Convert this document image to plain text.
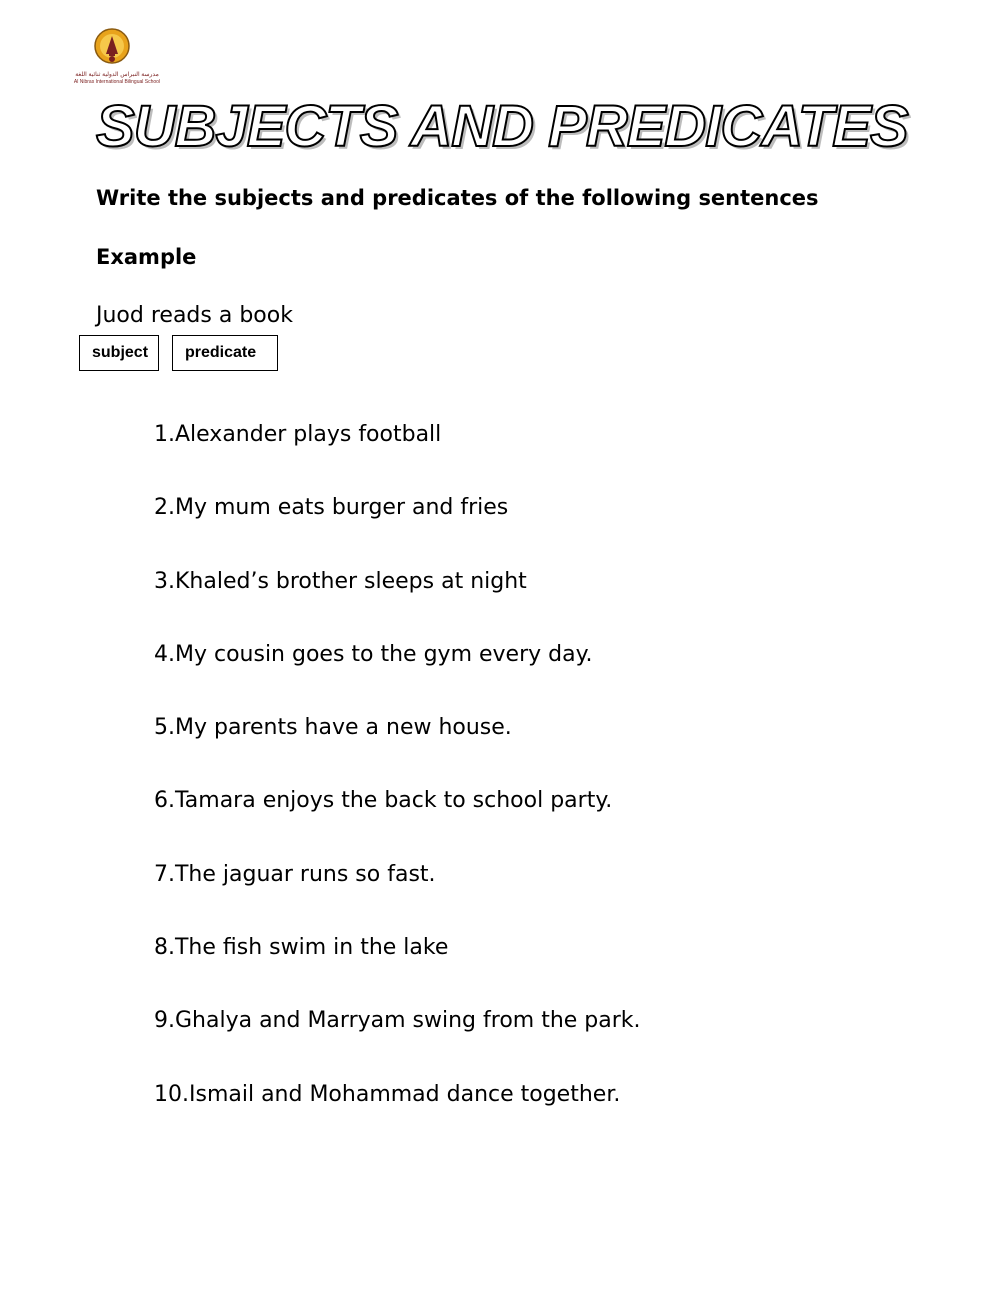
مدرسة النبراس الدولية ثنائية اللغة
Al Nibras International Bilingual School
SUBJECTS AND PREDICATES

Write the subjects and predicates of the following sentences

Example

Juod reads a book

subject predicate
1.Alexander plays football
2.My mum eats burger and fries
3.Khaled’s brother sleeps at night
4.My cousin goes to the gym every day.
5.My parents have a new house.
6.Tamara enjoys the back to school party.
7.The jaguar runs so fast.
8.The fish swim in the lake
9.Ghalya and Marryam swing from the park.
10.Ismail and Mohammad dance together.
